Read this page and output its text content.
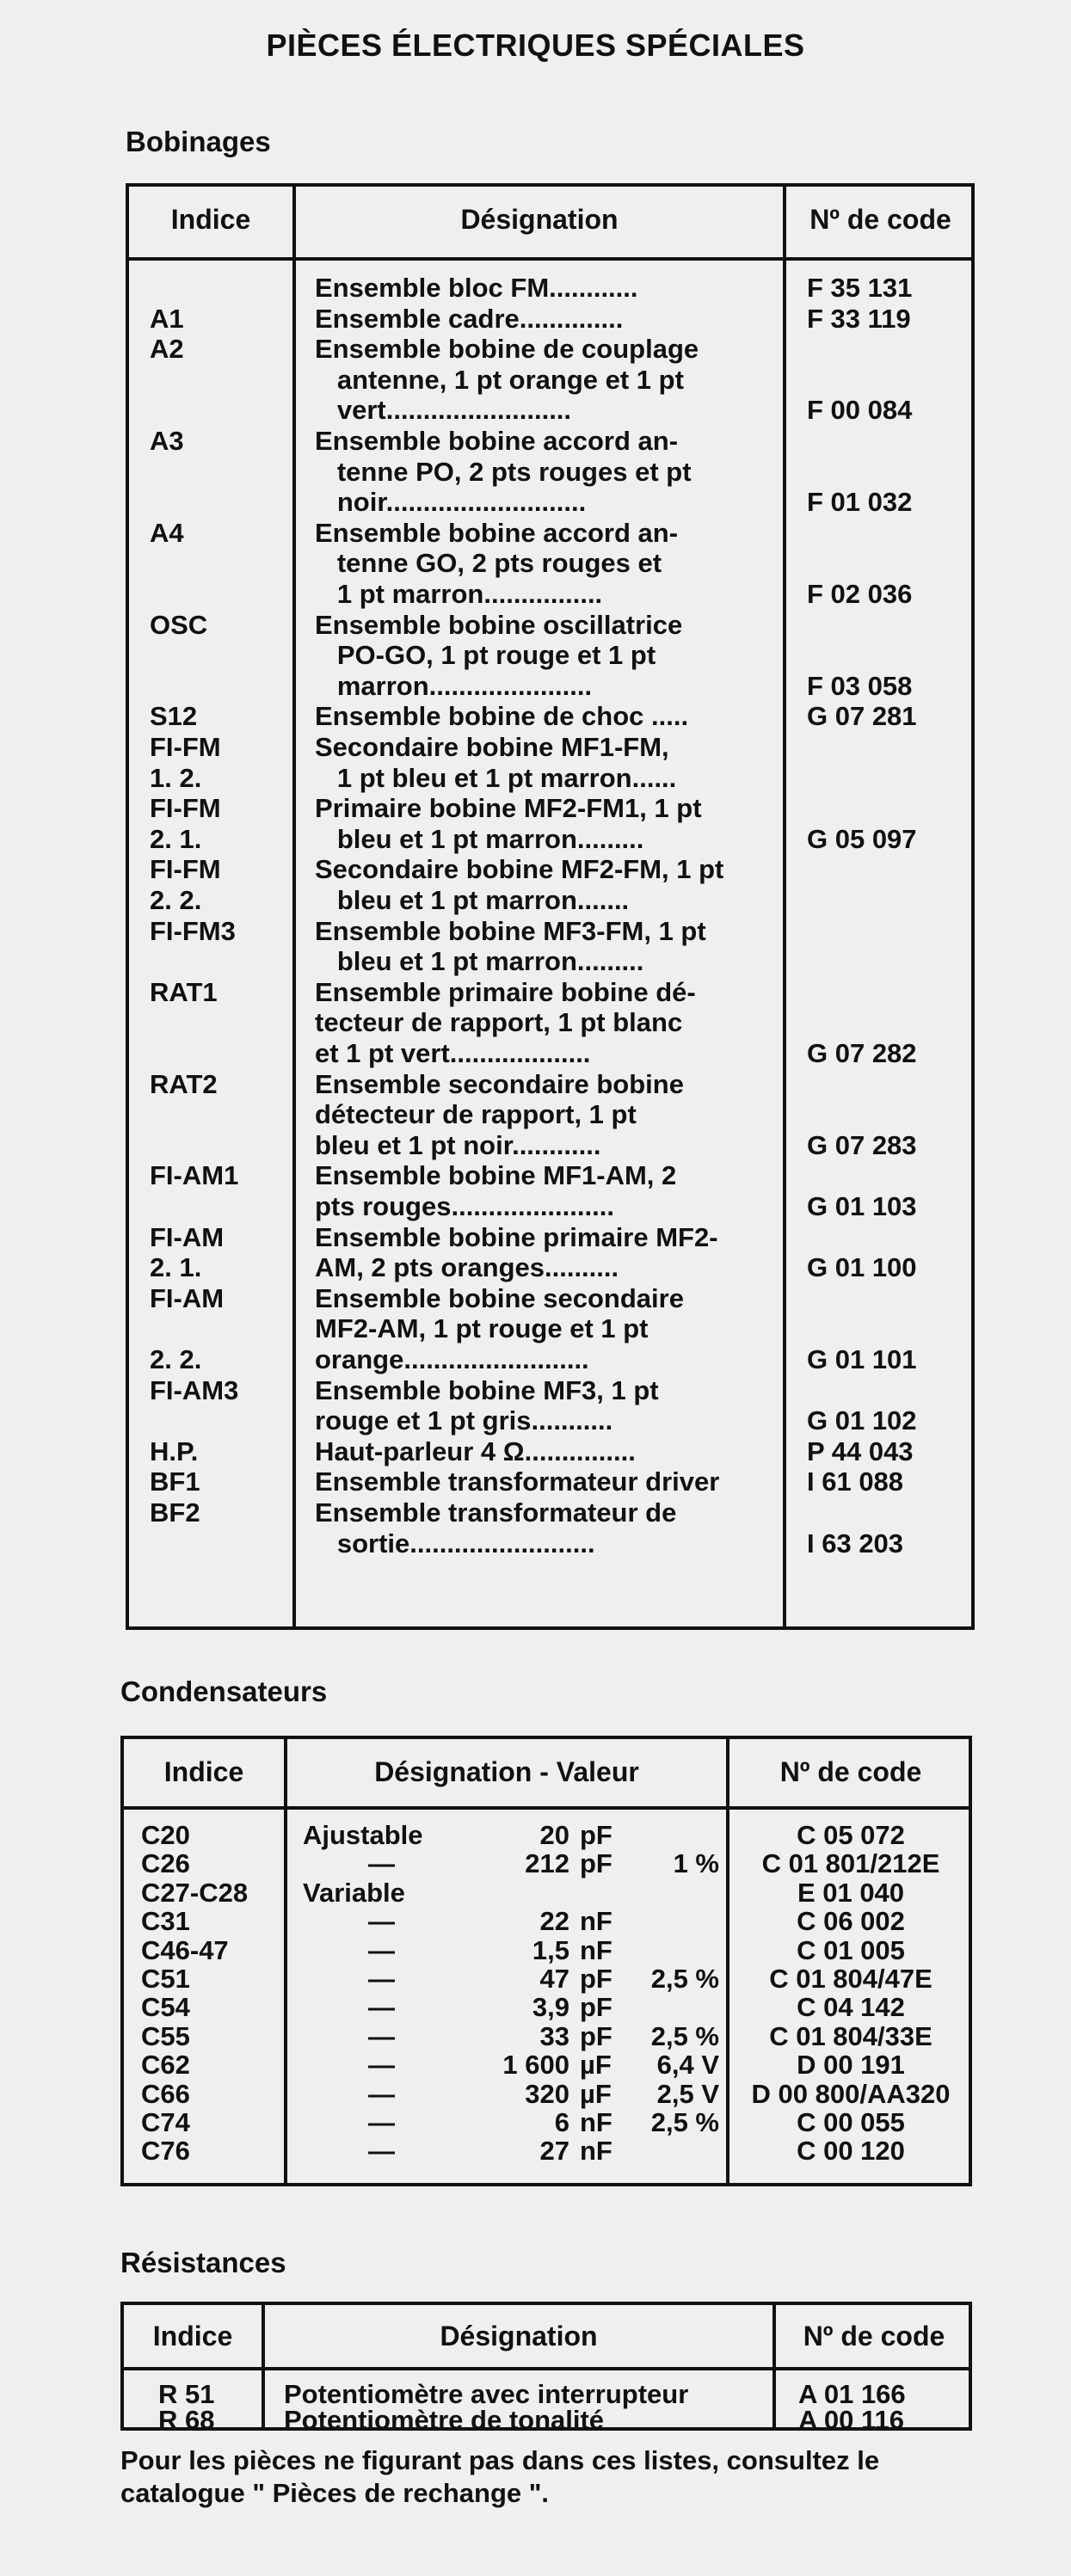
PIÈCES ÉLECTRIQUES SPÉCIALES
Bobinages
Indice	Désignation	Nº de code
Ensemble bloc FM............	F 35 131
A1	Ensemble cadre..............	F 33 119
A2	Ensemble bobine de couplage
antenne, 1 pt orange et 1 pt
vert.........................	F 00 084
A3	Ensemble bobine accord an-
tenne PO, 2 pts rouges et pt
noir...........................	F 01 032
A4	Ensemble bobine accord an-
tenne GO, 2 pts rouges et
1 pt marron................	F 02 036
OSC	Ensemble bobine oscillatrice
PO-GO, 1 pt rouge et 1 pt
marron......................	F 03 058
S12	Ensemble bobine de choc .....	G 07 281
FI-FM	Secondaire bobine MF1-FM,
1. 2.	1 pt bleu et 1 pt marron......
FI-FM	Primaire bobine MF2-FM1, 1 pt
2. 1.	bleu et 1 pt marron.........	G 05 097
FI-FM	Secondaire bobine MF2-FM, 1 pt
2. 2.	bleu et 1 pt marron.......
FI-FM3	Ensemble bobine MF3-FM, 1 pt
bleu et 1 pt marron.........
RAT1	Ensemble primaire bobine dé-
tecteur de rapport, 1 pt blanc
et 1 pt vert...................	G 07 282
RAT2	Ensemble secondaire bobine
détecteur de rapport, 1 pt
bleu et 1 pt noir............	G 07 283
FI-AM1	Ensemble bobine MF1-AM, 2
pts rouges......................	G 01 103
FI-AM	Ensemble bobine primaire MF2-
2. 1.	AM, 2 pts oranges..........	G 01 100
FI-AM	Ensemble bobine secondaire
MF2-AM, 1 pt rouge et 1 pt
2. 2.	orange.........................	G 01 101
FI-AM3	Ensemble bobine MF3, 1 pt
rouge et 1 pt gris...........	G 01 102
H.P.	Haut-parleur 4 Ω...............	P 44 043
BF1	Ensemble transformateur driver	I 61 088
BF2	Ensemble transformateur de
sortie.........................	I 63 203
Condensateurs
Indice	Désignation - Valeur	Nº de code
C20	Ajustable	20 pF	C 05 072
C26	—	212 pF	1 %	C 01 801/212E
C27-C28 Variable	E 01 040
C31	—	22 nF	C 06 002
C46-47	—	1,5 nF	C 01 005
C51	—	47 pF	2,5 %	C 01 804/47E
C54	—	3,9 pF	C 04 142
C55	—	33 pF	2,5 %	C 01 804/33E
C62	—	1 600 µF	6,4 V	D 00 191
C66	—	320 µF	2,5 V	D 00 800/AA320
C74	—	6 nF	2,5 %	C 00 055
C76	—	27 nF	C 00 120
Résistances
Indice	Désignation	Nº de code
R 51	Potentiomètre avec interrupteur	A 01 166
R 68	Potentiomètre de tonalité	A 00 116
Pour les pièces ne figurant pas dans ces listes, consultez le catalogue " Pièces de rechange ".
